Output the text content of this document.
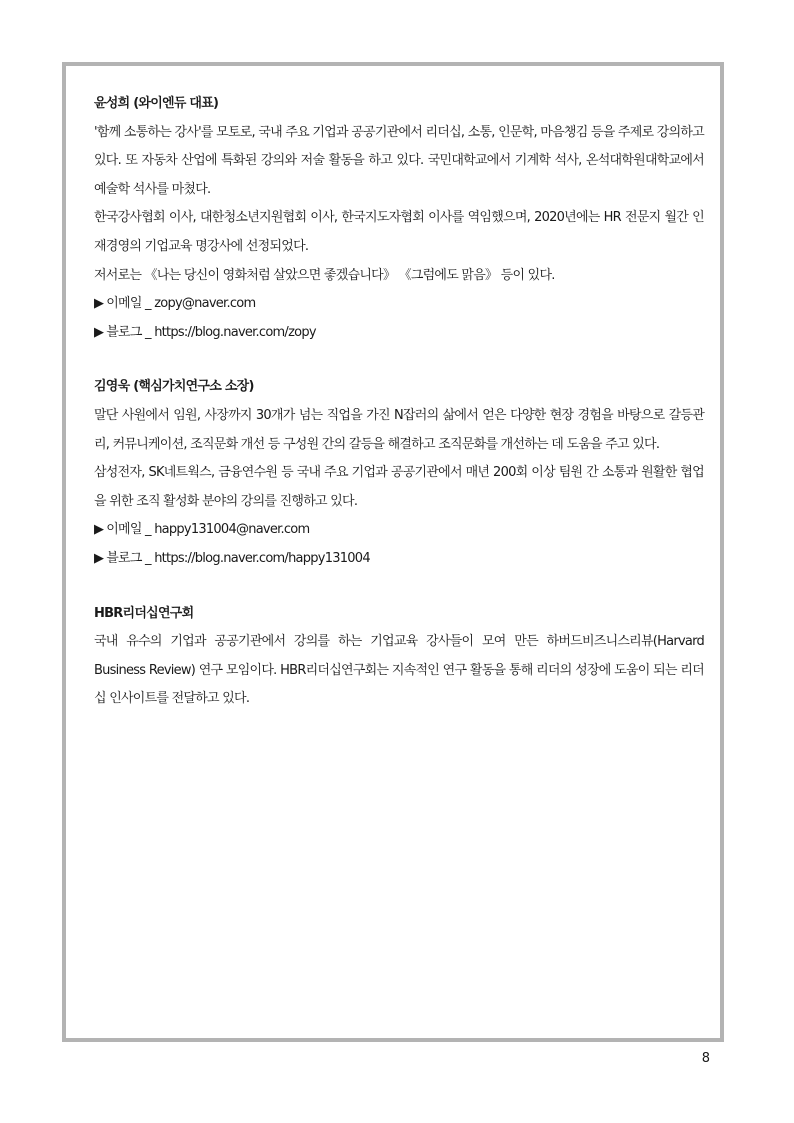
윤성희 (와이엔듀 대표)

'함께 소통하는 강사'를 모토로, 국내 주요 기업과 공공기관에서 리더십, 소통, 인문학, 마음챙김 등을 주제로 강의하고 있다. 또 자동차 산업에 특화된 강의와 저술 활동을 하고 있다. 국민대학교에서 기계학 석사, 온석대학원대학교에서 예술학 석사를 마쳤다.

한국강사협회 이사, 대한청소년지원협회 이사, 한국지도자협회 이사를 역임했으며, 2020년에는 HR 전문지 월간 인재경영의 기업교육 명강사에 선정되었다.

저서로는 《나는 당신이 영화처럼 살았으면 좋겠습니다》 《그럼에도 맑음》 등이 있다.

▶ 이메일 _ zopy@naver.com

▶ 블로그 _ https://blog.naver.com/zopy

김영욱 (핵심가치연구소 소장)

말단 사원에서 임원, 사장까지 30개가 넘는 직업을 가진 N잡러의 삶에서 얻은 다양한 현장 경험을 바탕으로 갈등관리, 커뮤니케이션, 조직문화 개선 등 구성원 간의 갈등을 해결하고 조직문화를 개선하는 데 도움을 주고 있다.

삼성전자, SK네트웍스, 금융연수원 등 국내 주요 기업과 공공기관에서 매년 200회 이상 팀원 간 소통과 원활한 협업을 위한 조직 활성화 분야의 강의를 진행하고 있다.

▶ 이메일 _ happy131004@naver.com

▶ 블로그 _ https://blog.naver.com/happy131004

HBR리더십연구회

국내 유수의 기업과 공공기관에서 강의를 하는 기업교육 강사들이 모여 만든 하버드비즈니스리뷰(Harvard Business Review) 연구 모임이다. HBR리더십연구회는 지속적인 연구 활동을 통해 리더의 성장에 도움이 되는 리더십 인사이트를 전달하고 있다.

8
